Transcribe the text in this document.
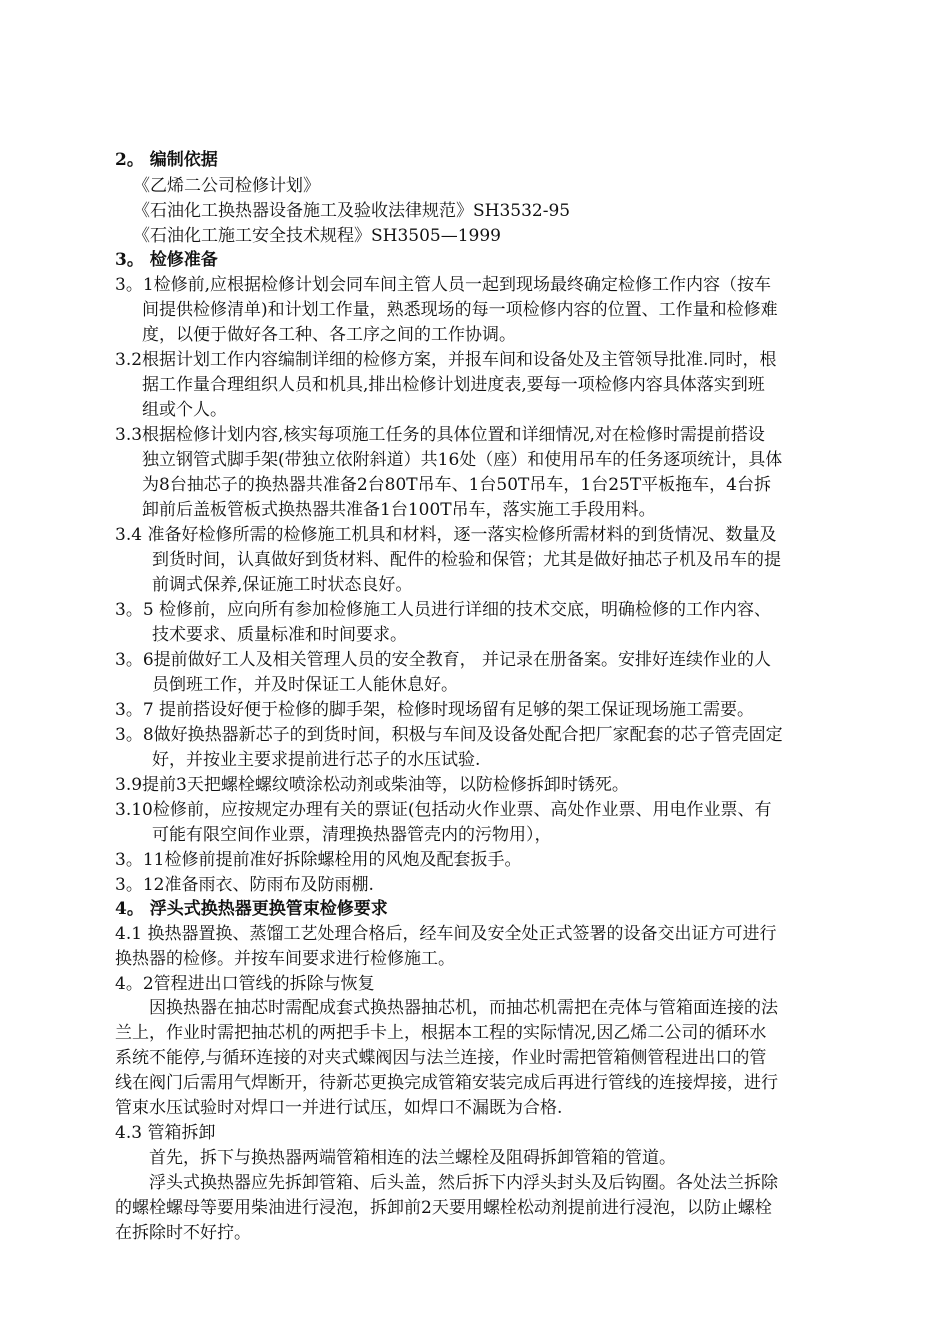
2。 编制依据
《乙烯二公司检修计划》
《石油化工换热器设备施工及验收法律规范》SH3532-95
《石油化工施工安全技术规程》SH3505—1999
3。 检修准备
3。1检修前,应根据检修计划会同车间主管人员一起到现场最终确定检修工作内容（按车
间提供检修清单)和计划工作量，熟悉现场的每一项检修内容的位置、工作量和检修难
度，以便于做好各工种、各工序之间的工作协调。
3.2根据计划工作内容编制详细的检修方案，并报车间和设备处及主管领导批准.同时，根
据工作量合理组织人员和机具,排出检修计划进度表,要每一项检修内容具体落实到班
组或个人。
3.3根据检修计划内容,核实每项施工任务的具体位置和详细情况,对在检修时需提前搭设
独立钢管式脚手架(带独立依附斜道）共16处（座）和使用吊车的任务逐项统计，具体
为8台抽芯子的换热器共准备2台80T吊车、1台50T吊车，1台25T平板拖车，4台拆
卸前后盖板管板式换热器共准备1台100T吊车，落实施工手段用料。
3.4 准备好检修所需的检修施工机具和材料，逐一落实检修所需材料的到货情况、数量及
到货时间，认真做好到货材料、配件的检验和保管；尤其是做好抽芯子机及吊车的提
前调式保养,保证施工时状态良好。
3。5 检修前，应向所有参加检修施工人员进行详细的技术交底，明确检修的工作内容、
技术要求、质量标准和时间要求。
3。6提前做好工人及相关管理人员的安全教育， 并记录在册备案。安排好连续作业的人
员倒班工作，并及时保证工人能休息好。
3。7 提前搭设好便于检修的脚手架，检修时现场留有足够的架工保证现场施工需要。
3。8做好换热器新芯子的到货时间，积极与车间及设备处配合把厂家配套的芯子管壳固定
好，并按业主要求提前进行芯子的水压试验.
3.9提前3天把螺栓螺纹喷涂松动剂或柴油等，以防检修拆卸时锈死。
3.10检修前，应按规定办理有关的票证(包括动火作业票、高处作业票、用电作业票、有
可能有限空间作业票，清理换热器管壳内的污物用），
3。11检修前提前准好拆除螺栓用的风炮及配套扳手。
3。12准备雨衣、防雨布及防雨棚.
4。 浮头式换热器更换管束检修要求
4.1 换热器置换、蒸馏工艺处理合格后，经车间及安全处正式签署的设备交出证方可进行
换热器的检修。并按车间要求进行检修施工。
4。2管程进出口管线的拆除与恢复
因换热器在抽芯时需配成套式换热器抽芯机，而抽芯机需把在壳体与管箱面连接的法
兰上，作业时需把抽芯机的两把手卡上，根据本工程的实际情况,因乙烯二公司的循环水
系统不能停,与循环连接的对夹式蝶阀因与法兰连接，作业时需把管箱侧管程进出口的管
线在阀门后需用气焊断开，待新芯更换完成管箱安装完成后再进行管线的连接焊接，进行
管束水压试验时对焊口一并进行试压，如焊口不漏既为合格.
4.3 管箱拆卸
首先，拆下与换热器两端管箱相连的法兰螺栓及阻碍拆卸管箱的管道。
浮头式换热器应先拆卸管箱、后头盖，然后拆下内浮头封头及后钩圈。各处法兰拆除
的螺栓螺母等要用柴油进行浸泡，拆卸前2天要用螺栓松动剂提前进行浸泡，以防止螺栓
在拆除时不好拧。
